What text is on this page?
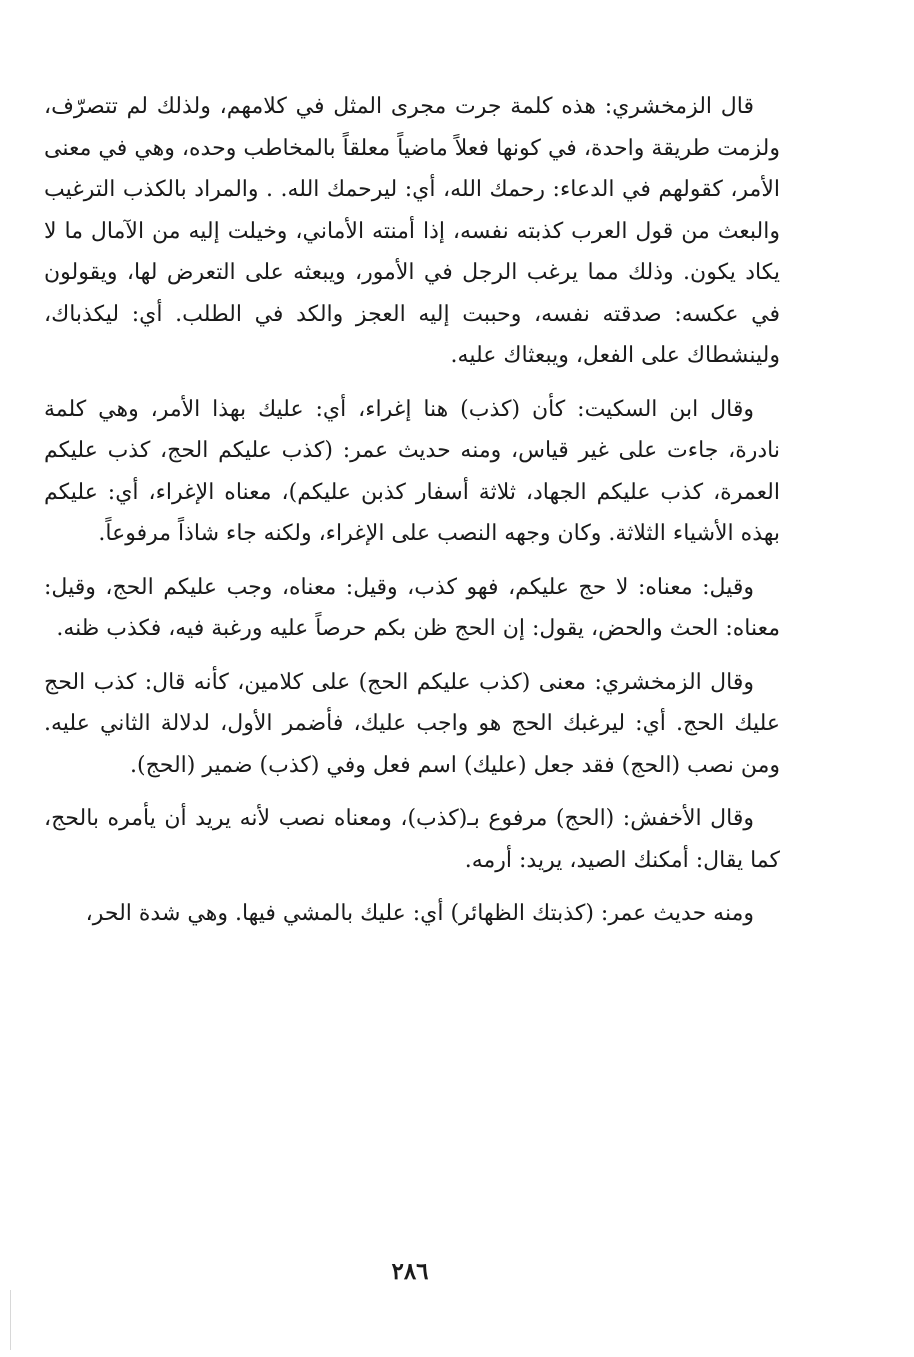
قال الزمخشري: هذه كلمة جرت مجرى المثل في كلامهم، ولذلك لم تتصرّف، ولزمت طريقة واحدة، في كونها فعلاً ماضياً معلقاً بالمخاطب وحده، وهي في معنى الأمر، كقولهم في الدعاء: رحمك الله، أي: ليرحمك الله. . والمراد بالكذب الترغيب والبعث من قول العرب كذبته نفسه، إذا أمنته الأماني، وخيلت إليه من الآمال ما لا يكاد يكون. وذلك مما يرغب الرجل في الأمور، ويبعثه على التعرض لها، ويقولون في عكسه: صدقته نفسه، وحببت إليه العجز والكد في الطلب. أي: ليكذباك، ولينشطاك على الفعل، ويبعثاك عليه.

وقال ابن السكيت: كأن (كذب) هنا إغراء، أي: عليك بهذا الأمر، وهي كلمة نادرة، جاءت على غير قياس، ومنه حديث عمر: (كذب عليكم الحج، كذب عليكم العمرة، كذب عليكم الجهاد، ثلاثة أسفار كذبن عليكم)، معناه الإغراء، أي: عليكم بهذه الأشياء الثلاثة. وكان وجهه النصب على الإغراء، ولكنه جاء شاذاً مرفوعاً.

وقيل: معناه: لا حج عليكم، فهو كذب، وقيل: معناه، وجب عليكم الحج، وقيل: معناه: الحث والحض، يقول: إن الحج ظن بكم حرصاً عليه ورغبة فيه، فكذب ظنه.

وقال الزمخشري: معنى (كذب عليكم الحج) على كلامين، كأنه قال: كذب الحج عليك الحج. أي: ليرغبك الحج هو واجب عليك، فأضمر الأول، لدلالة الثاني عليه. ومن نصب (الحج) فقد جعل (عليك) اسم فعل وفي (كذب) ضمير (الحج).

وقال الأخفش: (الحج) مرفوع بـ(كذب)، ومعناه نصب لأنه يريد أن يأمره بالحج، كما يقال: أمكنك الصيد، يريد: أرمه.

ومنه حديث عمر: (كذبتك الظهائر) أي: عليك بالمشي فيها. وهي شدة الحر،

٢٨٦
